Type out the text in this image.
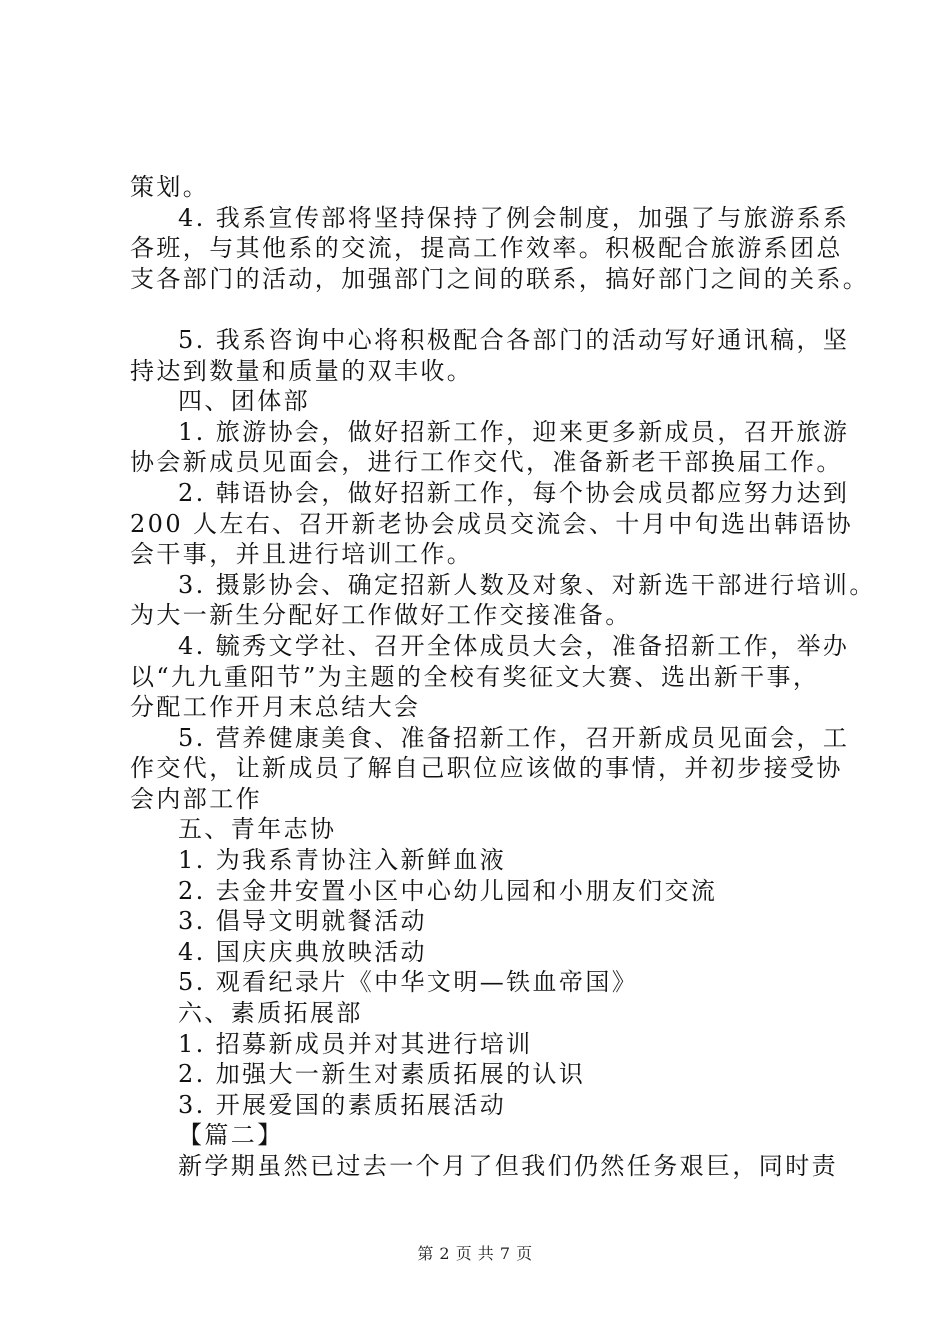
策划。

4. 我系宣传部将坚持保持了例会制度，加强了与旅游系系

各班，与其他系的交流，提高工作效率。积极配合旅游系团总

支各部门的活动，加强部门之间的联系，搞好部门之间的关系。

5. 我系咨询中心将积极配合各部门的活动写好通讯稿，坚

持达到数量和质量的双丰收。

四、团体部

1. 旅游协会，做好招新工作，迎来更多新成员，召开旅游

协会新成员见面会，进行工作交代，准备新老干部换届工作。

2. 韩语协会，做好招新工作，每个协会成员都应努力达到

200 人左右、召开新老协会成员交流会、十月中旬选出韩语协

会干事，并且进行培训工作。

3. 摄影协会、确定招新人数及对象、对新选干部进行培训。

为大一新生分配好工作做好工作交接准备。

4. 毓秀文学社、召开全体成员大会，准备招新工作，举办

以“九九重阳节”为主题的全校有奖征文大赛、选出新干事，

分配工作开月末总结大会

5. 营养健康美食、准备招新工作，召开新成员见面会，工

作交代，让新成员了解自己职位应该做的事情，并初步接受协

会内部工作

五、青年志协

1. 为我系青协注入新鲜血液

2. 去金井安置小区中心幼儿园和小朋友们交流

3. 倡导文明就餐活动

4. 国庆庆典放映活动

5. 观看纪录片《中华文明—铁血帝国》

六、素质拓展部

1. 招募新成员并对其进行培训

2. 加强大一新生对素质拓展的认识

3. 开展爱国的素质拓展活动

【篇二】

新学期虽然已过去一个月了但我们仍然任务艰巨，同时责

第 2 页 共 7 页
